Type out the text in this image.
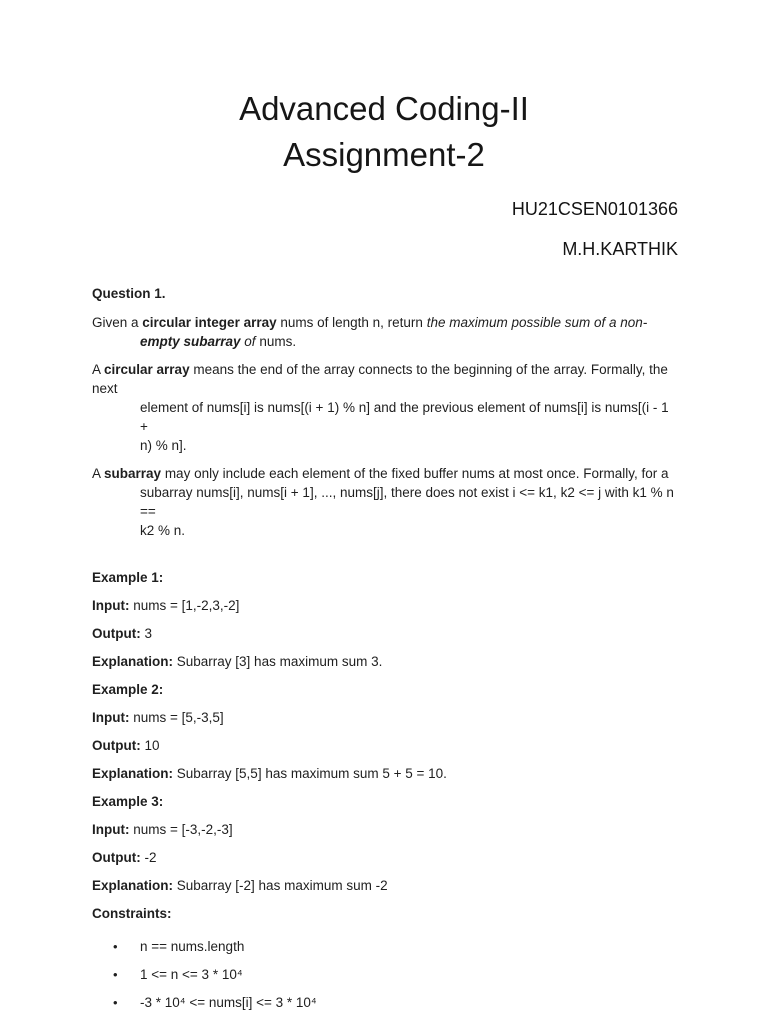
Advanced Coding-II
Assignment-2
HU21CSEN0101366
M.H.KARTHIK
Question 1.
Given a circular integer array nums of length n, return the maximum possible sum of a non-
empty subarray of nums.
A circular array means the end of the array connects to the beginning of the array. Formally, the next
element of nums[i] is nums[(i + 1) % n] and the previous element of nums[i] is nums[(i - 1 +
n) % n].
A subarray may only include each element of the fixed buffer nums at most once. Formally, for a
subarray nums[i], nums[i + 1], ..., nums[j], there does not exist i <= k1, k2 <= j with k1 % n ==
k2 % n.
Example 1:
Input: nums = [1,-2,3,-2]
Output: 3
Explanation: Subarray [3] has maximum sum 3.
Example 2:
Input: nums = [5,-3,5]
Output: 10
Explanation: Subarray [5,5] has maximum sum 5 + 5 = 10.
Example 3:
Input: nums = [-3,-2,-3]
Output: -2
Explanation: Subarray [-2] has maximum sum -2
Constraints:
• n == nums.length
• 1 <= n <= 3 * 10⁴
• -3 * 10⁴ <= nums[i] <= 3 * 10⁴
